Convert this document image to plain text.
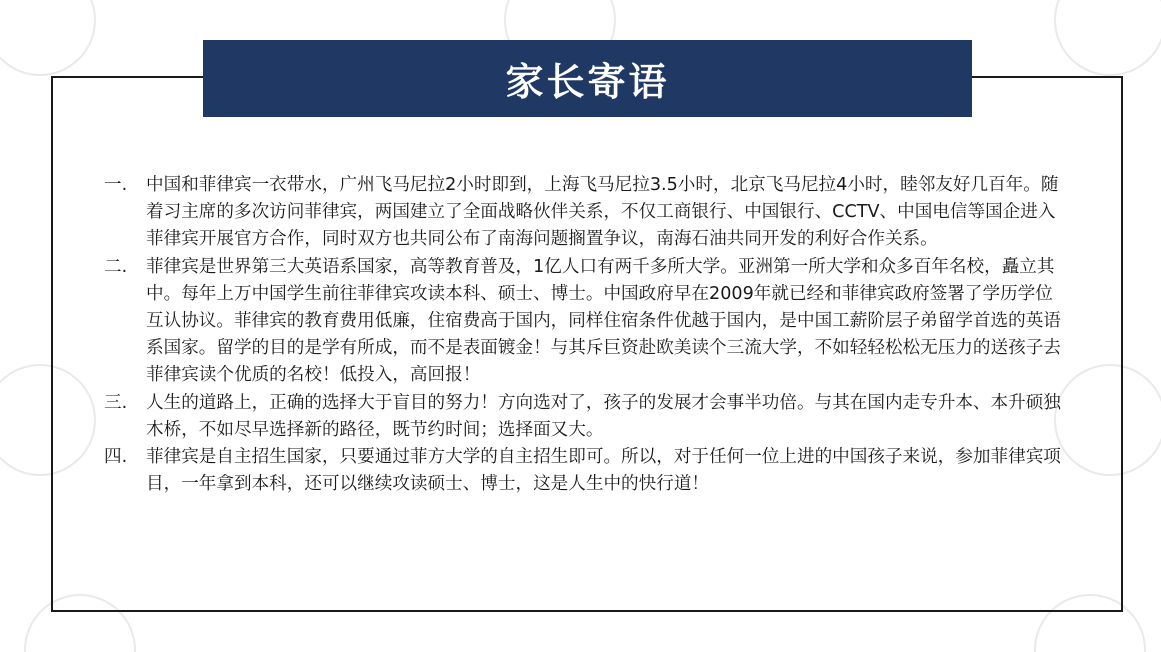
家长寄语
一.	中国和菲律宾一衣带水，广州飞马尼拉2小时即到，上海飞马尼拉3.5小时，北京飞马尼拉4小时，睦邻友好几百年。随着习主席的多次访问菲律宾，两国建立了全面战略伙伴关系，不仅工商银行、中国银行、CCTV、中国电信等国企进入菲律宾开展官方合作，同时双方也共同公布了南海问题搁置争议，南海石油共同开发的利好合作关系。
二.	菲律宾是世界第三大英语系国家，高等教育普及，1亿人口有两千多所大学。亚洲第一所大学和众多百年名校，矗立其中。每年上万中国学生前往菲律宾攻读本科、硕士、博士。中国政府早在2009年就已经和菲律宾政府签署了学历学位互认协议。菲律宾的教育费用低廉，住宿费高于国内，同样住宿条件优越于国内，是中国工薪阶层子弟留学首选的英语系国家。留学的目的是学有所成，而不是表面镀金！与其斥巨资赴欧美读个三流大学，不如轻轻松松无压力的送孩子去菲律宾读个优质的名校！低投入，高回报！
三.	人生的道路上，正确的选择大于盲目的努力！方向选对了，孩子的发展才会事半功倍。与其在国内走专升本、本升硕独木桥，不如尽早选择新的路径，既节约时间；选择面又大。
四.	菲律宾是自主招生国家，只要通过菲方大学的自主招生即可。所以，对于任何一位上进的中国孩子来说，参加菲律宾项目，一年拿到本科，还可以继续攻读硕士、博士，这是人生中的快行道！
